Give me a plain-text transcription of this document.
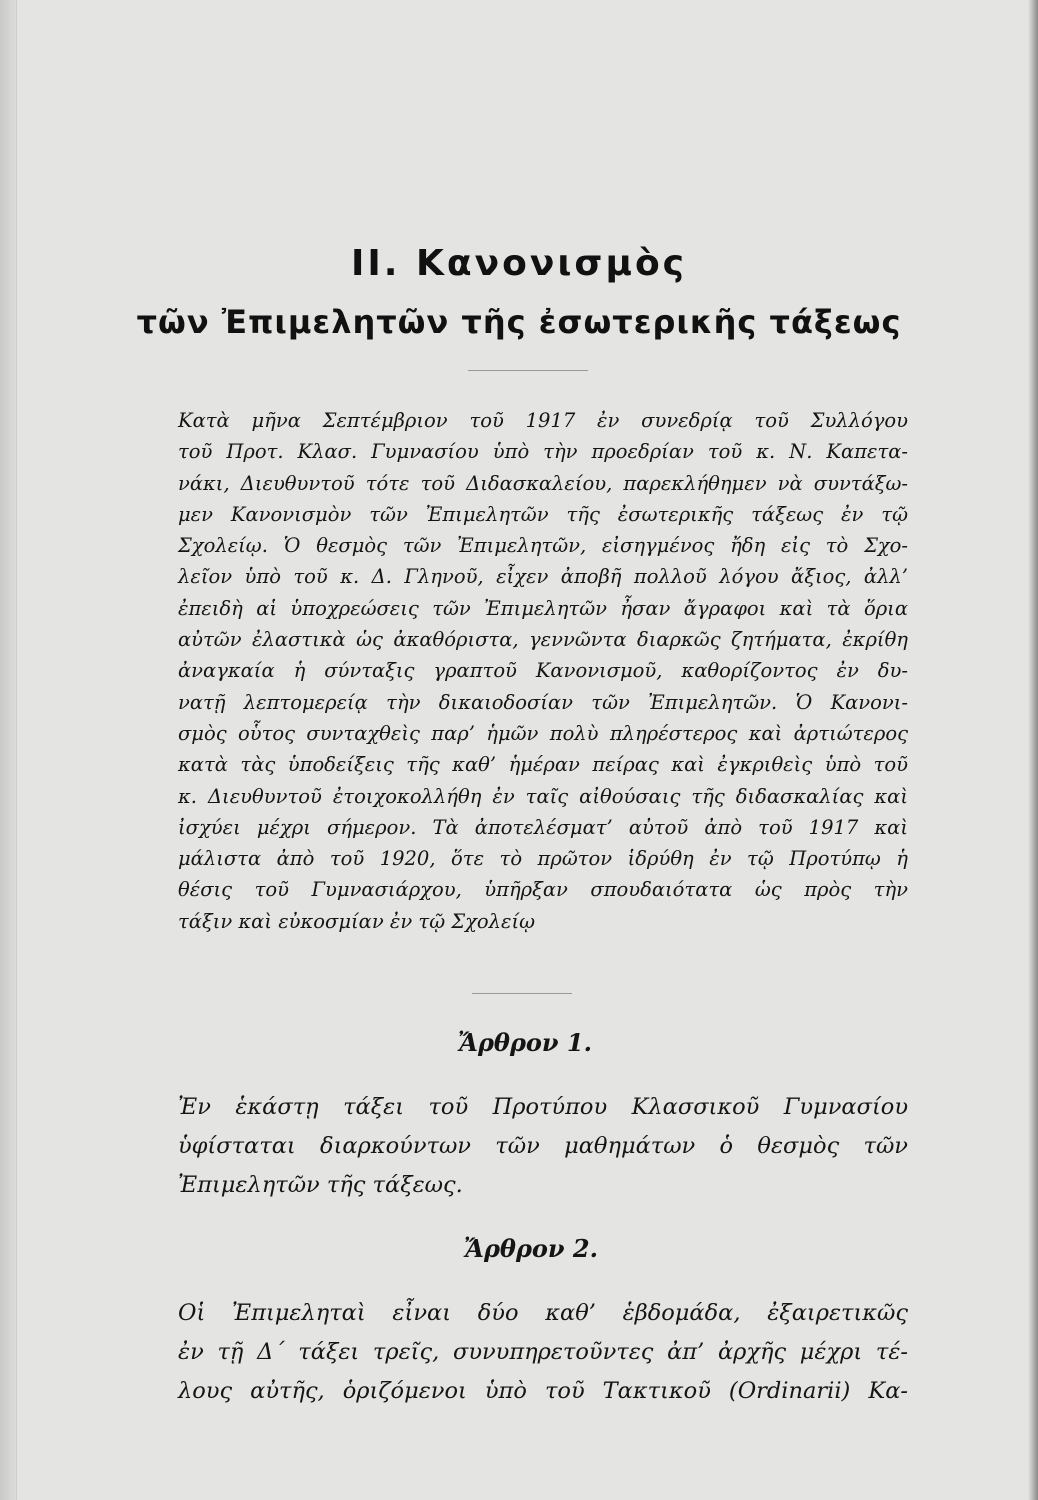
ΙΙ. Κανονισμὸς
τῶν Ἐπιμελητῶν τῆς ἐσωτερικῆς τάξεως

Κατὰ μῆνα Σεπτέμβριον τοῦ 1917 ἐν συνεδρίᾳ τοῦ Συλλόγου
τοῦ Προτ. Κλασ. Γυμνασίου ὑπὸ τὴν προεδρίαν τοῦ κ. Ν. Καπετα-
νάκι, Διευθυντοῦ τότε τοῦ Διδασκαλείου, παρεκλήθημεν νὰ συντάξω-
μεν Κανονισμὸν τῶν Ἐπιμελητῶν τῆς ἐσωτερικῆς τάξεως ἐν τῷ
Σχολείῳ. Ὁ θεσμὸς τῶν Ἐπιμελητῶν, εἰσηγμένος ἤδη εἰς τὸ Σχο-
λεῖον ὑπὸ τοῦ κ. Δ. Γληνοῦ, εἶχεν ἀποβῆ πολλοῦ λόγου ἄξιος, ἀλλ’
ἐπειδὴ αἱ ὑποχρεώσεις τῶν Ἐπιμελητῶν ἦσαν ἄγραφοι καὶ τὰ ὅρια
αὐτῶν ἐλαστικὰ ὡς ἀκαθόριστα, γεννῶντα διαρκῶς ζητήματα, ἐκρίθη
ἀναγκαία ἡ σύνταξις γραπτοῦ Κανονισμοῦ, καθορίζοντος ἐν δυ-
νατῇ λεπτομερείᾳ τὴν δικαιοδοσίαν τῶν Ἐπιμελητῶν. Ὁ Κανονι-
σμὸς οὗτος συνταχθεὶς παρ’ ἡμῶν πολὺ πληρέστερος καὶ ἀρτιώτερος
κατὰ τὰς ὑποδείξεις τῆς καθ’ ἡμέραν πείρας καὶ ἐγκριθεὶς ὑπὸ τοῦ
κ. Διευθυντοῦ ἐτοιχοκολλήθη ἐν ταῖς αἰθούσαις τῆς διδασκαλίας καὶ
ἰσχύει μέχρι σήμερον. Τὰ ἀποτελέσματ’ αὐτοῦ ἀπὸ τοῦ 1917 καὶ
μάλιστα ἀπὸ τοῦ 1920, ὅτε τὸ πρῶτον ἱδρύθη ἐν τῷ Προτύπῳ ἡ
θέσις τοῦ Γυμνασιάρχου, ὑπῆρξαν σπουδαιότατα ὡς πρὸς τὴν
τάξιν καὶ εὐκοσμίαν ἐν τῷ Σχολείῳ

Ἄρθρον 1.

Ἐν ἑκάστῃ τάξει τοῦ Προτύπου Κλασσικοῦ Γυμνασίου
ὑφίσταται διαρκούντων τῶν μαθημάτων ὁ θεσμὸς τῶν
Ἐπιμελητῶν τῆς τάξεως.

Ἄρθρον 2.

Οἱ Ἐπιμεληταὶ εἶναι δύο καθ’ ἑβδομάδα, ἐξαιρετικῶς
ἐν τῇ Δ΄ τάξει τρεῖς, συνυπηρετοῦντες ἀπ’ ἀρχῆς μέχρι τέ-
λους αὐτῆς, ὁριζόμενοι ὑπὸ τοῦ Τακτικοῦ (Ordinarii) Κα-
